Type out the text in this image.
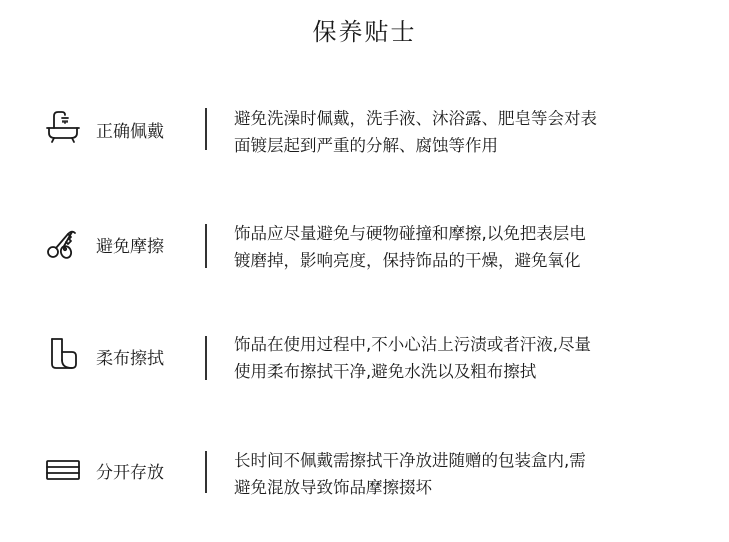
保养贴士
正确佩戴
避免洗澡时佩戴，洗手液、沐浴露、肥皂等会对表
面镀层起到严重的分解、腐蚀等作用
避免摩擦
饰品应尽量避免与硬物碰撞和摩擦,以免把表层电
镀磨掉，影响亮度，保持饰品的干燥，避免氧化
柔布擦拭
饰品在使用过程中,不小心沾上污渍或者汗液,尽量
使用柔布擦拭干净,避免水洗以及粗布擦拭
分开存放
长时间不佩戴需擦拭干净放进随赠的包装盒内,需
避免混放导致饰品摩擦掇坏
